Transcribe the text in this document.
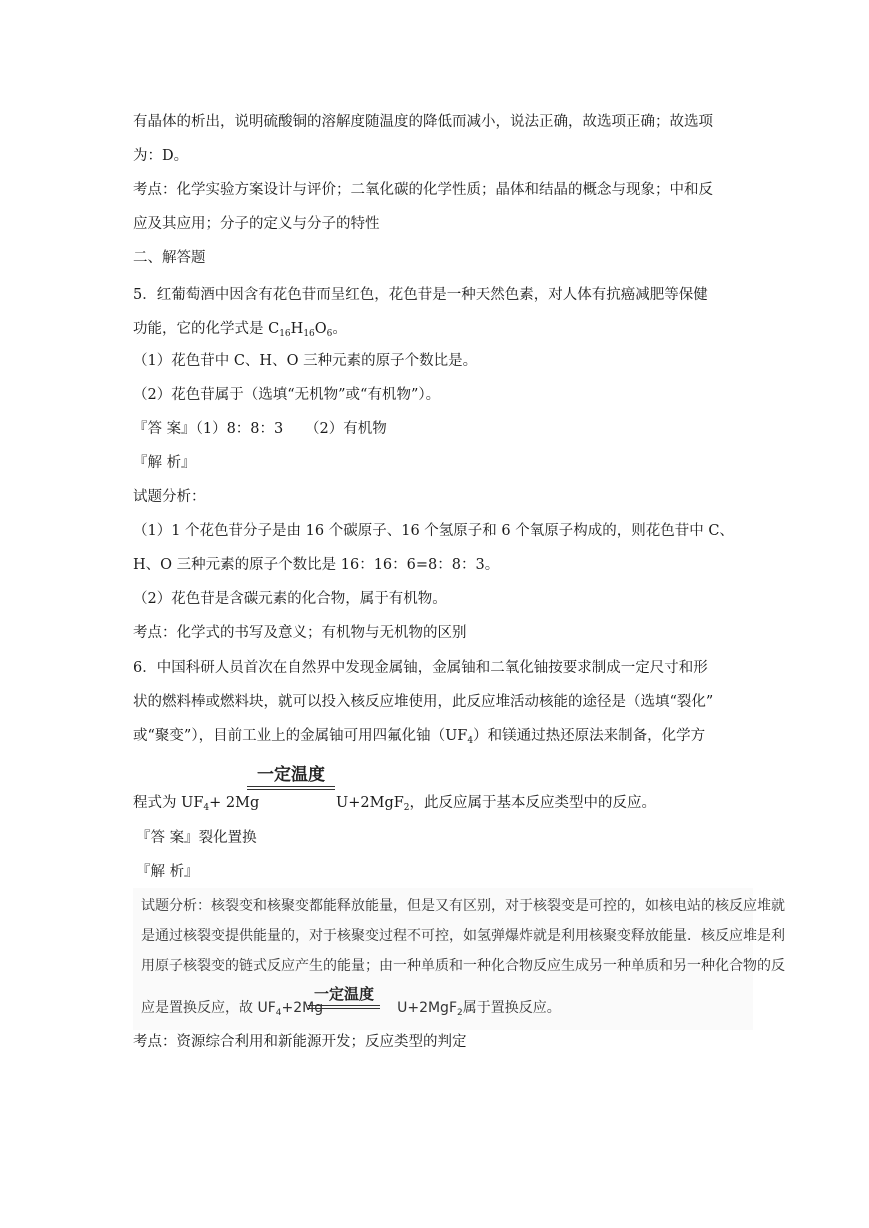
有晶体的析出，说明硫酸铜的溶解度随温度的降低而减小，说法正确，故选项正确；故选项
为：D。
考点：化学实验方案设计与评价；二氧化碳的化学性质；晶体和结晶的概念与现象；中和反
应及其应用；分子的定义与分子的特性
二、解答题
5．红葡萄酒中因含有花色苷而呈红色，花色苷是一种天然色素，对人体有抗癌减肥等保健
功能，它的化学式是 $C_{16}H_{16}O_6$。
（1）花色苷中 C、H、O 三种元素的原子个数比是。
（2）花色苷属于（选填“无机物”或“有机物”）。
『答 案』（1）8：8：3　　（2）有机物
『解 析』
试题分析：
（1）1 个花色苷分子是由 16 个碳原子、16 个氢原子和 6 个氧原子构成的，则花色苷中 C、
H、O 三种元素的原子个数比是 16：16：6=8：8：3。
（2）花色苷是含碳元素的化合物，属于有机物。
考点：化学式的书写及意义；有机物与无机物的区别
6．中国科研人员首次在自然界中发现金属铀，金属铀和二氧化铀按要求制成一定尺寸和形
状的燃料棒或燃料块，就可以投入核反应堆使用，此反应堆活动核能的途径是（选填“裂化”
或“聚变”），目前工业上的金属铀可用四氟化铀$(UF_4)$和镁通过热还原法来制备，化学方
一定温度
程式为 $UF_4+ 2Mg$	U+2MgF$_2$，此反应属于基本反应类型中的反应。
『答 案』裂化置换
『解 析』
试题分析：核裂变和核聚变都能释放能量，但是又有区别，对于核裂变是可控的，如核电站的核反应堆就
是通过核裂变提供能量的，对于核聚变过程不可控，如氢弹爆炸就是利用核聚变释放能量．核反应堆是利
用原子核裂变的链式反应产生的能量；由一种单质和一种化合物反应生成另一种单质和另一种化合物的反
一定温度
应是置换反应，故 $UF_4+2Mg$	U+2MgF$_2$属于置换反应。
考点：资源综合利用和新能源开发；反应类型的判定
